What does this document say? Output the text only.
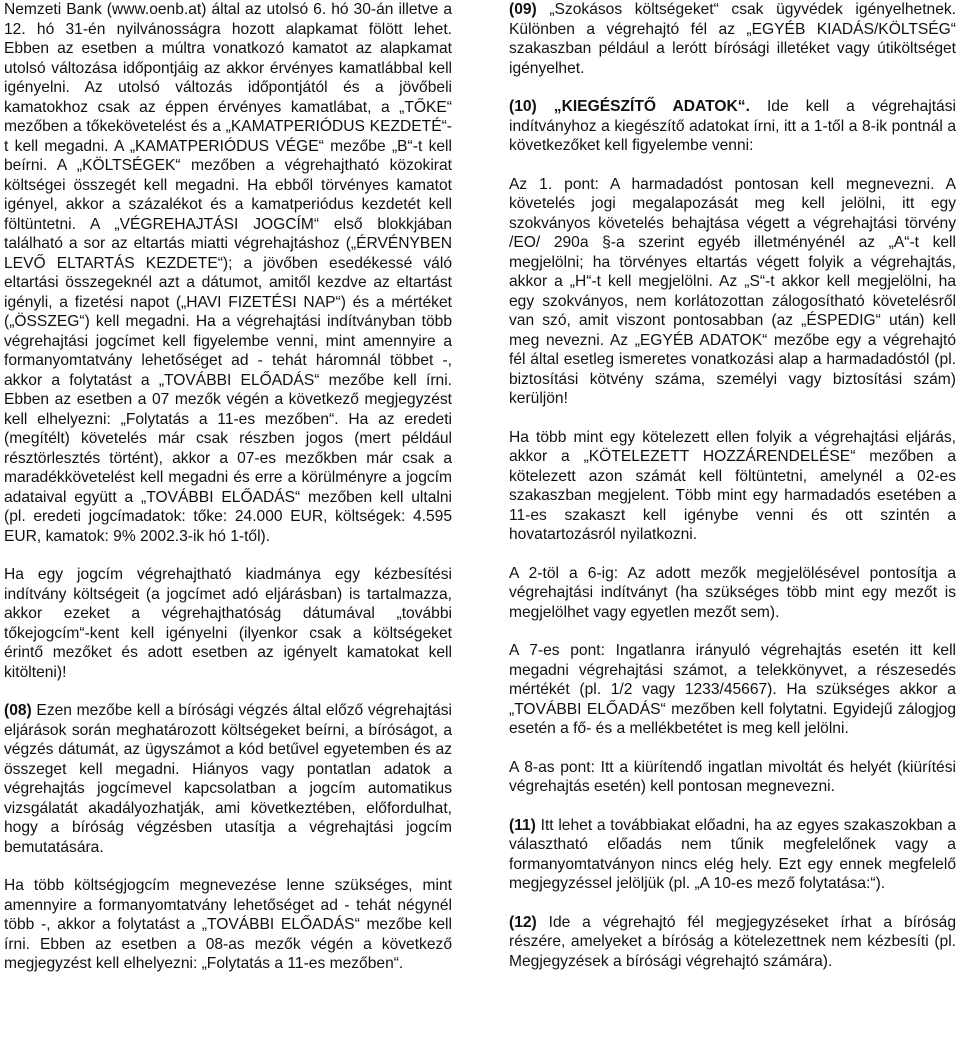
Nemzeti Bank (www.oenb.at) által az utolsó 6. hó 30-án illetve a 12. hó 31-én nyilvánosságra hozott alapkamat fölött lehet. Ebben az esetben a múltra vonatkozó kamatot az alapkamat utolsó változása időpontjáig az akkor érvényes kamatlábbal kell igényelni. Az utolsó változás időpontjától és a jövőbeli kamatokhoz csak az éppen érvényes kamatlábat, a „TŐKE“ mezőben a tőkekövetelést és a „KAMATPERIÓDUS KEZDETÉ“-t kell megadni. A „KAMATPERIÓDUS VÉGE“ mezőbe „B“-t kell beírni. A „KÖLTSÉGEK“ mezőben a végrehajtható közokirat költségei összegét kell megadni. Ha ebből törvényes kamatot igényel, akkor a százalékot és a kamatperiódus kezdetét kell föltüntetni. A „VÉGREHAJTÁSI JOGCÍM“ első blokkjában található a sor az eltartás miatti végrehajtáshoz („ÉRVÉNYBEN LEVŐ ELTARTÁS KEZDETE“); a jövőben esedékessé váló eltartási összegeknél azt a dátumot, amitől kezdve az eltartást igényli, a fizetési napot („HAVI FIZETÉSI NAP“) és a mértéket („ÖSSZEG“) kell megadni. Ha a végrehajtási indítványban több végrehajtási jogcímet kell figyelembe venni, mint amennyire a formanyomtatvány lehetőséget ad - tehát háromnál többet -, akkor a folytatást a „TOVÁBBI ELŐADÁS“ mezőbe kell írni. Ebben az esetben a 07 mezők végén a következő megjegyzést kell elhelyezni: „Folytatás a 11-es mezőben“. Ha az eredeti (megítélt) követelés már csak részben jogos (mert például résztörlesztés történt), akkor a 07-es mezőkben már csak a maradékkövetelést kell megadni és erre a körülményre a jogcím adataival együtt a „TOVÁBBI ELŐADÁS“ mezőben kell ultalni (pl. eredeti jogcímadatok: tőke: 24.000 EUR, költségek: 4.595 EUR, kamatok: 9% 2002.3-ik hó 1-től).

Ha egy jogcím végrehajtható kiadmánya egy kézbesítési indítvány költségeit (a jogcímet adó eljárásban) is tartalmazza, akkor ezeket a végrehajthatóság dátumával „további tőkejogcím“-kent kell igényelni (ilyenkor csak a költségeket érintő mezőket és adott esetben az igényelt kamatokat kell kitölteni)!

(08) Ezen mezőbe kell a bírósági végzés által előző végrehajtási eljárások során meghatározott költségeket beírni, a bíróságot, a végzés dátumát, az ügyszámot a kód betűvel egyetemben és az összeget kell megadni. Hiányos vagy pontatlan adatok a végrehajtás jogcímevel kapcsolatban a jogcím automatikus vizsgálatát akadályozhatják, ami következtében, előfordulhat, hogy a bíróság végzésben utasítja a végrehajtási jogcím bemutatására.

Ha több költségjogcím megnevezése lenne szükséges, mint amennyire a formanyomtatvány lehetőséget ad - tehát négynél több -, akkor a folytatást a „TOVÁBBI ELŐADÁS“ mezőbe kell írni. Ebben az esetben a 08-as mezők végén a következő megjegyzést kell elhelyezni: „Folytatás a 11-es mezőben“.

(09) „Szokásos költségeket“ csak ügyvédek igényelhetnek. Különben a végrehajtó fél az „EGYÉB KIADÁS/KÖLTSÉG“ szakaszban például a lerótt bírósági illetéket vagy útiköltséget igényelhet.

(10) „KIEGÉSZÍTŐ ADATOK“. Ide kell a végrehajtási indítványhoz a kiegészítő adatokat írni, itt a 1-től a 8-ik pontnál a következőket kell figyelembe venni:

Az 1. pont: A harmadadóst pontosan kell megnevezni. A követelés jogi megalapozását meg kell jelölni, itt egy szokványos követelés behajtása végett a végrehajtási törvény /EO/ 290a §-a szerint egyéb illetményénél az „A“-t kell megjelölni; ha törvényes eltartás végett folyik a végrehajtás, akkor a „H“-t kell megjelölni. Az „S“-t akkor kell megjelölni, ha egy szokványos, nem korlátozottan zálogosítható követelésről van szó, amit viszont pontosabban (az „ÉSPEDIG“ után) kell meg nevezni. Az „EGYÉB ADATOK“ mezőbe egy a végrehajtó fél által esetleg ismeretes vonatkozási alap a harmadadóstól (pl. biztosítási kötvény száma, személyi vagy biztosítási szám) kerüljön!

Ha több mint egy kötelezett ellen folyik a végrehajtási eljárás, akkor a „KÖTELEZETT HOZZÁRENDELÉSE“ mezőben a kötelezett azon számát kell föltüntetni, amelynél a 02-es szakaszban megjelent. Több mint egy harmadadós esetében a 11-es szakaszt kell igénybe venni és ott szintén a hovatartozásról nyilatkozni.

A 2-töl a 6-ig: Az adott mezők megjelölésével pontosítja a végrehajtási indítványt (ha szükséges több mint egy mezőt is megjelölhet vagy egyetlen mezőt sem).

A 7-es pont: Ingatlanra irányuló végrehajtás esetén itt kell megadni végrehajtási számot, a telekkönyvet, a részesedés mértékét (pl. 1/2 vagy 1233/45667). Ha szükséges akkor a „TOVÁBBI ELŐADÁS“ mezőben kell folytatni. Egyidejű zálogjog esetén a fő- és a mellékbetétet is meg kell jelölni.

A 8-as pont: Itt a kiürítendő ingatlan mivoltát és helyét (kiürítési végrehajtás esetén) kell pontosan megnevezni.

(11) Itt lehet a továbbiakat előadni, ha az egyes szakaszokban a választható előadás nem tűnik megfelelőnek vagy a formanyomtatványon nincs elég hely. Ezt egy ennek megfelelő megjegyzéssel jelöljük (pl. „A 10-es mező folytatása:“).

(12) Ide a végrehajtó fél megjegyzéseket írhat a bíróság részére, amelyeket a bíróság a kötelezettnek nem kézbesíti (pl. Megjegyzések a bírósági végrehajtó számára).
